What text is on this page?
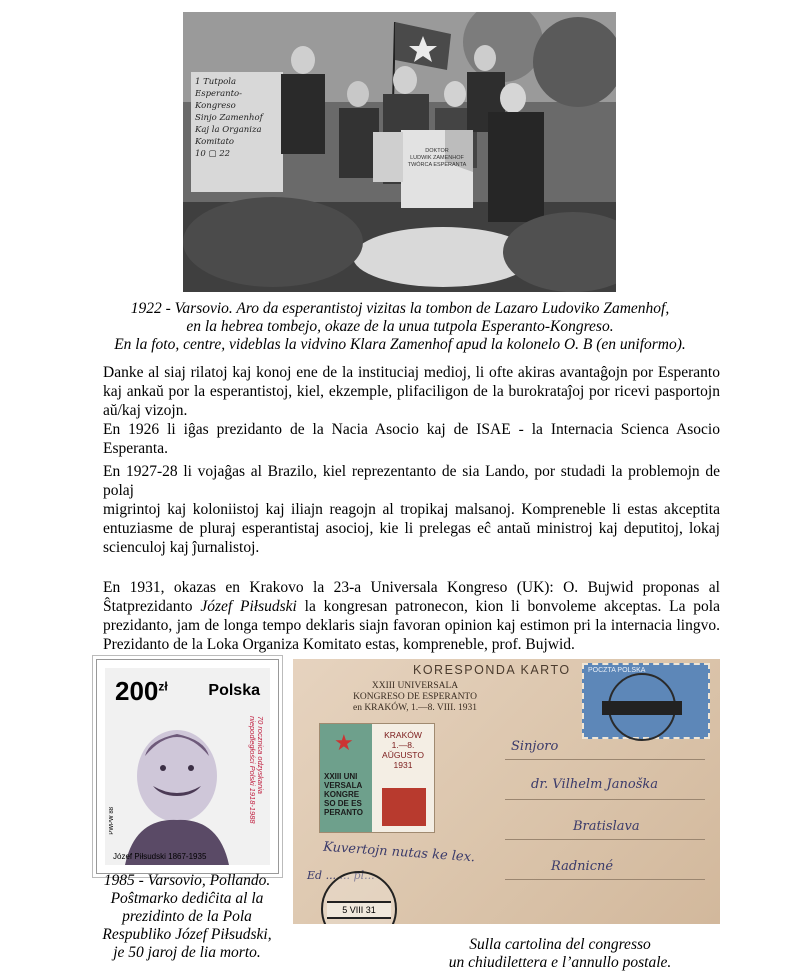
1 Tutpola
Esperanto-Kongreso
Sinjo Zamenhof
Kaj la Organiza
Komitato
10 ▢ 22	DOKTOR
LUDWIK ZAMENHOF
TWÓRCA ESPERANTA
1922 - Varsovio. Aro da esperantistoj vizitas la tombon de Lazaro Ludoviko Zamenhof,
en la hebrea tombejo, okaze de la unua tutpola Esperanto-Kongreso.
En la foto, centre, videblas la vidvino Klara Zamenhof apud la kolonelo O. B (en uniformo).
Danke al siaj rilatoj kaj konoj ene de la instituciaj medioj, li ofte akiras avantaĝojn por Esperanto
kaj ankaŭ por la esperantistoj, kiel, ekzemple, plifaciligon de la burokrataĵoj por ricevi pasportojn
aŭ/kaj vizojn.
En 1926 li iĝas prezidanto de la Nacia Asocio kaj de ISAE - la Internacia Scienca Asocio Esperanta.
En 1927-28 li vojaĝas al Brazilo, kiel reprezentanto de sia Lando, por studadi la problemojn de polaj
migrintoj kaj koloniistoj kaj iliajn reagojn al tropikaj malsanoj. Kompreneble li estas akceptita
entuziasme de pluraj esperantistaj asocioj, kie li prelegas eĉ antaŭ ministroj kaj deputitoj, lokaj
scienculoj kaj ĵurnalistoj.
En 1931, okazas en Krakovo la 23-a Universala Kongreso (UK): O. Bujwid proponas al
Ŝtatprezidanto Józef Piłsudski la kongresan patronecon, kion li bonvoleme akceptas. La pola
prezidanto, jam de longa tempo deklaris siajn favoran opinion kaj estimon pri la internacia lingvo.
Prezidanto de la Loka Organiza Komitato estas, kompreneble, prof. Bujwid.
$200^{zł}$	Polska
70 rocznica odzyskania niepodległości Polski 1918-1988
PWPW 88
Józef Piłsudski 1867-1935
1985 - Varsovio, Pollando.
Poŝtmarko dediĉita al la
prezidinto de la Pola
Respubliko Józef Piłsudski,
je 50 jaroj de lia morto.
KORESPONDA KARTO
XXIII UNIVERSALA
KONGRESO DE ESPERANTO
en KRAKÓW, 1.—8. VIII. 1931
★
XXIII UNI
VERSALA
KONGRE
SO DE ES
PERANTO
KRAKÓW
1.—8.
AŬGUSTO
1931
POCZTA POLSKA
Sinjoro
dr. Vilhelm Janoška
Bratislava
Radnicné
Kuvertojn nutas ke lex.
Ed ... ... pl...
5 VIII 31
Sulla cartolina del congresso
un chiudilettera e l’annullo postale.
